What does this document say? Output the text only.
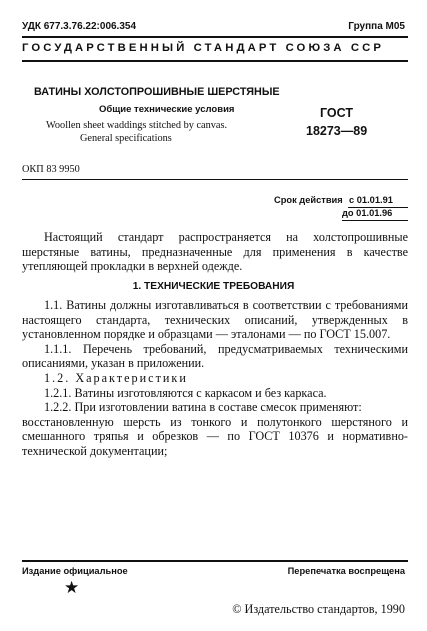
УДК 677.3.76.22:006.354	Группа М05
ГОСУДАРСТВЕННЫЙ СТАНДАРТ СОЮЗА ССР
ВАТИНЫ ХОЛСТОПРОШИВНЫЕ ШЕРСТЯНЫЕ
Общие технические условия
Woollen sheet waddings stitched by canvas.
General specifications
ГОСТ
18273—89
ОКП 83 9950
Срок действия с 01.01.91
до 01.01.96

Настоящий стандарт распространяется на холстопрошивные шерстяные ватины, предназначенные для применения в качестве утепляющей прокладки в верхней одежде.

1. ТЕХНИЧЕСКИЕ ТРЕБОВАНИЯ

1.1. Ватины должны изготавливаться в соответствии с требованиями настоящего стандарта, технических описаний, утвержденных в установленном порядке и образцами — эталонами — по ГОСТ 15.007.

1.1.1. Перечень требований, предусматриваемых техническими описаниями, указан в приложении.

1.2. Характеристики

1.2.1. Ватины изготовляются с каркасом и без каркаса.

1.2.2. При изготовлении ватина в составе смесок применяют:

восстановленную шерсть из тонкого и полутонкого шерстяного и смешанного тряпья и обрезков — по ГОСТ 10376 и нормативно-технической документации;

Издание официальное	Перепечатка воспрещена
★
© Издательство стандартов, 1990
